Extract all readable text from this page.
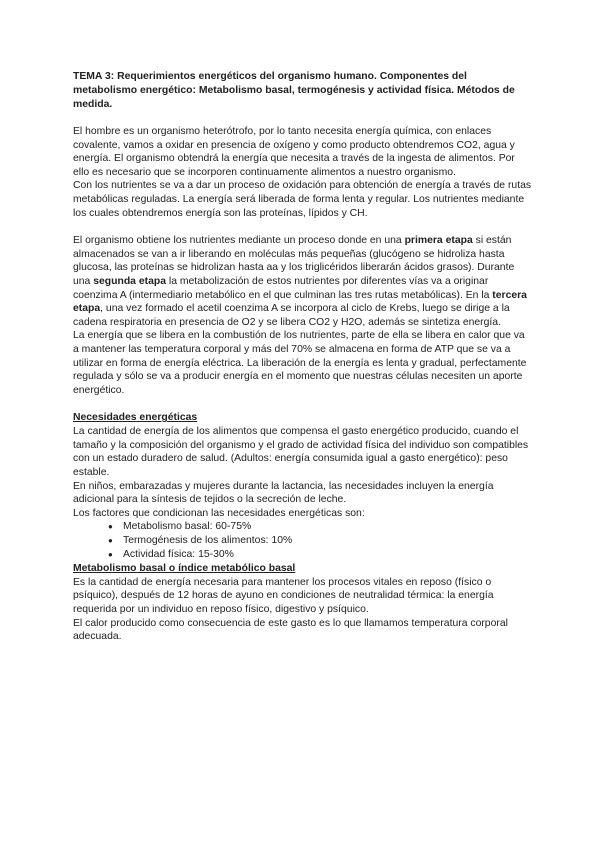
TEMA 3: Requerimientos energéticos del organismo humano. Componentes del metabolismo energético: Metabolismo basal, termogénesis y actividad física. Métodos de medida.

El hombre es un organismo heterótrofo, por lo tanto necesita energía química, con enlaces covalente, vamos a oxidar en presencia de oxígeno y como producto obtendremos CO2, agua y energía. El organismo obtendrá la energía que necesita a través de la ingesta de alimentos. Por ello es necesario que se incorporen continuamente alimentos a nuestro organismo.

Con los nutrientes se va a dar un proceso de oxidación para obtención de energía a través de rutas metabólicas reguladas. La energía será liberada de forma lenta y regular. Los nutrientes mediante los cuales obtendremos energía son las proteínas, lípidos y CH.

El organismo obtiene los nutrientes mediante un proceso donde en una primera etapa si están almacenados se van a ir liberando en moléculas más pequeñas (glucógeno se hidroliza hasta glucosa, las proteínas se hidrolizan hasta aa y los triglicéridos liberarán ácidos grasos). Durante una segunda etapa la metabolización de estos nutrientes por diferentes vías va a originar coenzima A (intermediario metabólico en el que culminan las tres rutas metabólicas). En la tercera etapa, una vez formado el acetil coenzima A se incorpora al ciclo de Krebs, luego se dirige a la cadena respiratoria en presencia de O2 y se libera CO2 y H2O, además se sintetiza energía.

La energía que se libera en la combustión de los nutrientes, parte de ella se libera en calor que va a mantener las temperatura corporal y más del 70% se almacena en forma de ATP que se va a utilizar en forma de energía eléctrica. La liberación de la energía es lenta y gradual, perfectamente regulada y sólo se va a producir energía en el momento que nuestras células necesiten un aporte energético.

Necesidades energéticas

La cantidad de energía de los alimentos que compensa el gasto energético producido, cuando el tamaño y la composición del organismo y el grado de actividad física del individuo son compatibles con un estado duradero de salud. (Adultos: energía consumida igual a gasto energético): peso estable.

En niños, embarazadas y mujeres durante la lactancia, las necesidades incluyen la energía adicional para la síntesis de tejidos o la secreción de leche.

Los factores que condicionan las necesidades energéticas son:

● Metabolismo basal: 60-75%
● Termogénesis de los alimentos: 10%
● Actividad física: 15-30%
Metabolismo basal o índice metabólico basal

Es la cantidad de energía necesaria para mantener los procesos vitales en reposo (físico o psíquico), después de 12 horas de ayuno en condiciones de neutralidad térmica: la energía requerida por un individuo en reposo físico, digestivo y psíquico.

El calor producido como consecuencia de este gasto es lo que llamamos temperatura corporal adecuada.
